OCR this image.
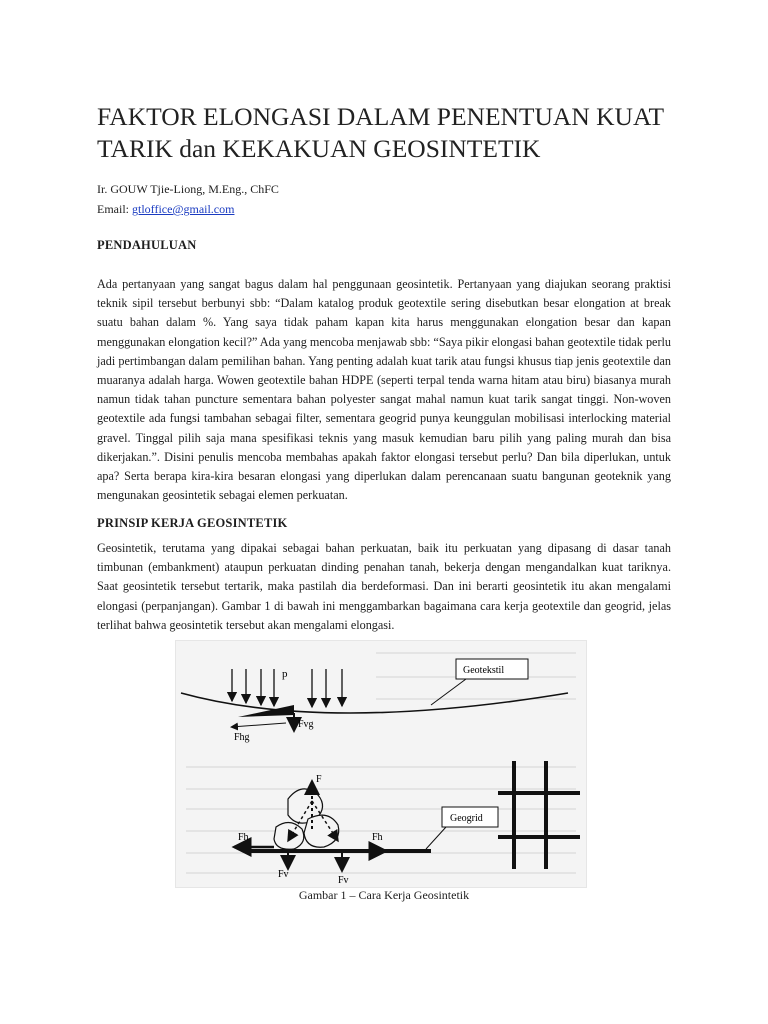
FAKTOR ELONGASI DALAM PENENTUAN KUAT TARIK dan KEKAKUAN GEOSINTETIK
Ir. GOUW Tjie-Liong, M.Eng., ChFC
Email: gtloffice@gmail.com
PENDAHULUAN

Ada pertanyaan yang sangat bagus dalam hal penggunaan geosintetik. Pertanyaan yang diajukan seorang praktisi teknik sipil tersebut berbunyi sbb: “Dalam katalog produk geotextile sering disebutkan besar elongation at break suatu bahan dalam %. Yang saya tidak paham kapan kita harus menggunakan elongation besar dan kapan menggunakan elongation kecil?” Ada yang mencoba menjawab sbb: “Saya pikir elongasi bahan geotextile tidak perlu jadi pertimbangan dalam pemilihan bahan. Yang penting adalah kuat tarik atau fungsi khusus tiap jenis geotextile dan muaranya adalah harga. Wowen geotextile bahan HDPE (seperti terpal tenda warna hitam atau biru) biasanya murah namun tidak tahan puncture sementara bahan polyester sangat mahal namun kuat tarik sangat tinggi. Non-woven geotextile ada fungsi tambahan sebagai filter, sementara geogrid punya keunggulan mobilisasi interlocking material gravel. Tinggal pilih saja mana spesifikasi teknis yang masuk kemudian baru pilih yang paling murah dan bisa dikerjakan.”. Disini penulis mencoba membahas apakah faktor elongasi tersebut perlu? Dan bila diperlukan, untuk apa? Serta berapa kira-kira besaran elongasi yang diperlukan dalam perencanaan suatu bangunan geoteknik yang mengunakan geosintetik sebagai elemen perkuatan.

PRINSIP KERJA GEOSINTETIK

Geosintetik, terutama yang dipakai sebagai bahan perkuatan, baik itu perkuatan yang dipasang di dasar tanah timbunan (embankment) ataupun perkuatan dinding penahan tanah, bekerja dengan mengandalkan kuat tariknya. Saat geosintetik tersebut tertarik, maka pastilah dia berdeformasi. Dan ini berarti geosintetik itu akan mengalami elongasi (perpanjangan). Gambar 1 di bawah ini menggambarkan bagaimana cara kerja geotextile dan geogrid, jelas terlihat bahwa geosintetik tersebut akan mengalami elongasi.

p
Fvg
Fhg
Geotekstil
F
Fh	Fh
Fv
Fv
Geogrid
Gambar 1 – Cara Kerja Geosintetik
